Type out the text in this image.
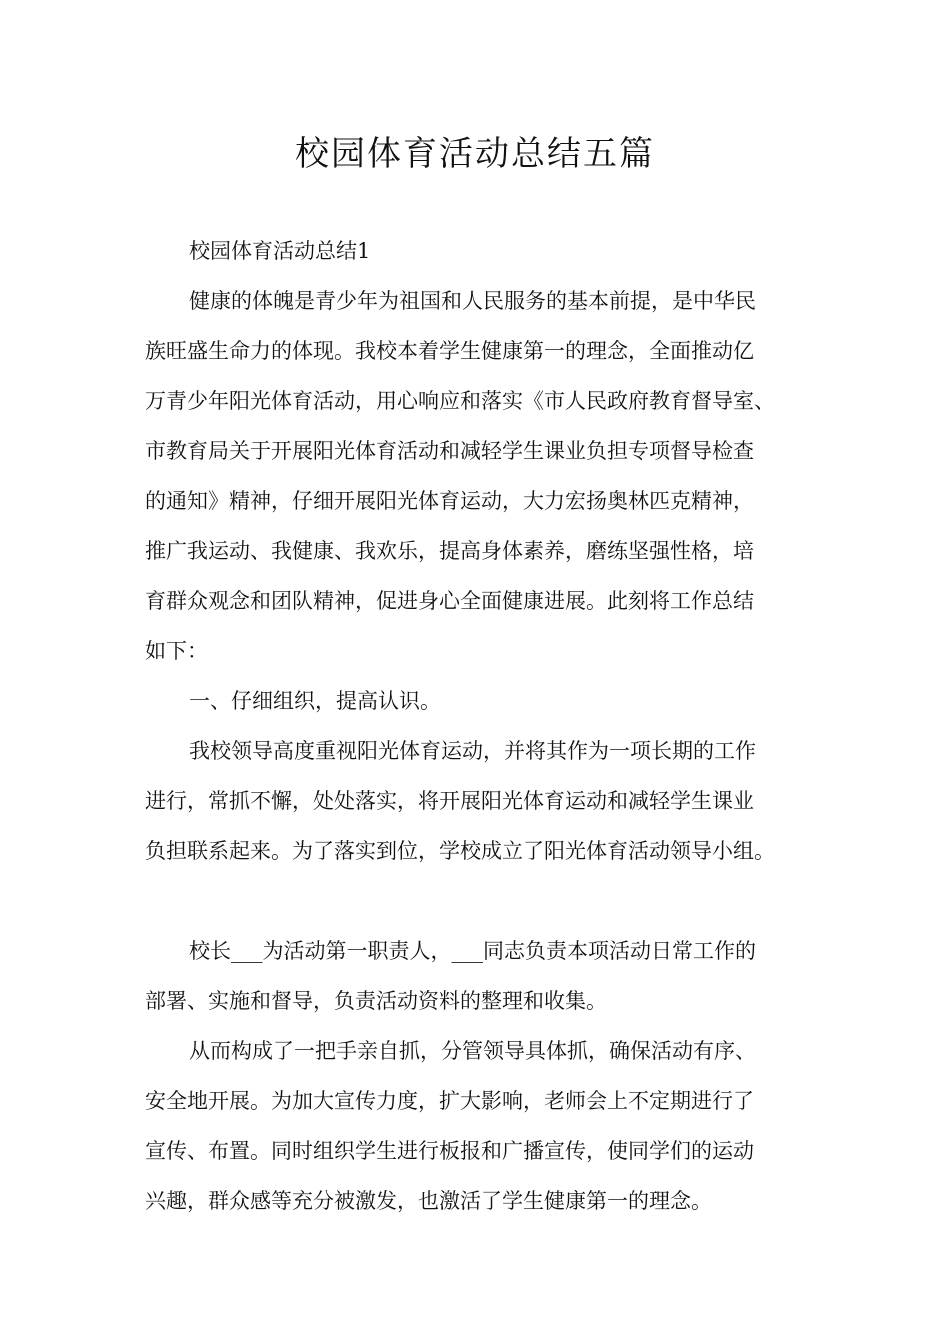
校园体育活动总结五篇
校园体育活动总结1
健康的体魄是青少年为祖国和人民服务的基本前提，是中华民
族旺盛生命力的体现。我校本着学生健康第一的理念，全面推动亿
万青少年阳光体育活动，用心响应和落实《市人民政府教育督导室、
市教育局关于开展阳光体育活动和减轻学生课业负担专项督导检查
的通知》精神，仔细开展阳光体育运动，大力宏扬奥林匹克精神，
推广我运动、我健康、我欢乐，提高身体素养，磨练坚强性格，培
育群众观念和团队精神，促进身心全面健康进展。此刻将工作总结
如下：
一、仔细组织，提高认识。
我校领导高度重视阳光体育运动，并将其作为一项长期的工作
进行，常抓不懈，处处落实，将开展阳光体育运动和减轻学生课业
负担联系起来。为了落实到位，学校成立了阳光体育活动领导小组。
校长___为活动第一职责人，___同志负责本项活动日常工作的
部署、实施和督导，负责活动资料的整理和收集。
从而构成了一把手亲自抓，分管领导具体抓，确保活动有序、
安全地开展。为加大宣传力度，扩大影响，老师会上不定期进行了
宣传、布置。同时组织学生进行板报和广播宣传，使同学们的运动
兴趣，群众感等充分被激发，也激活了学生健康第一的理念。
